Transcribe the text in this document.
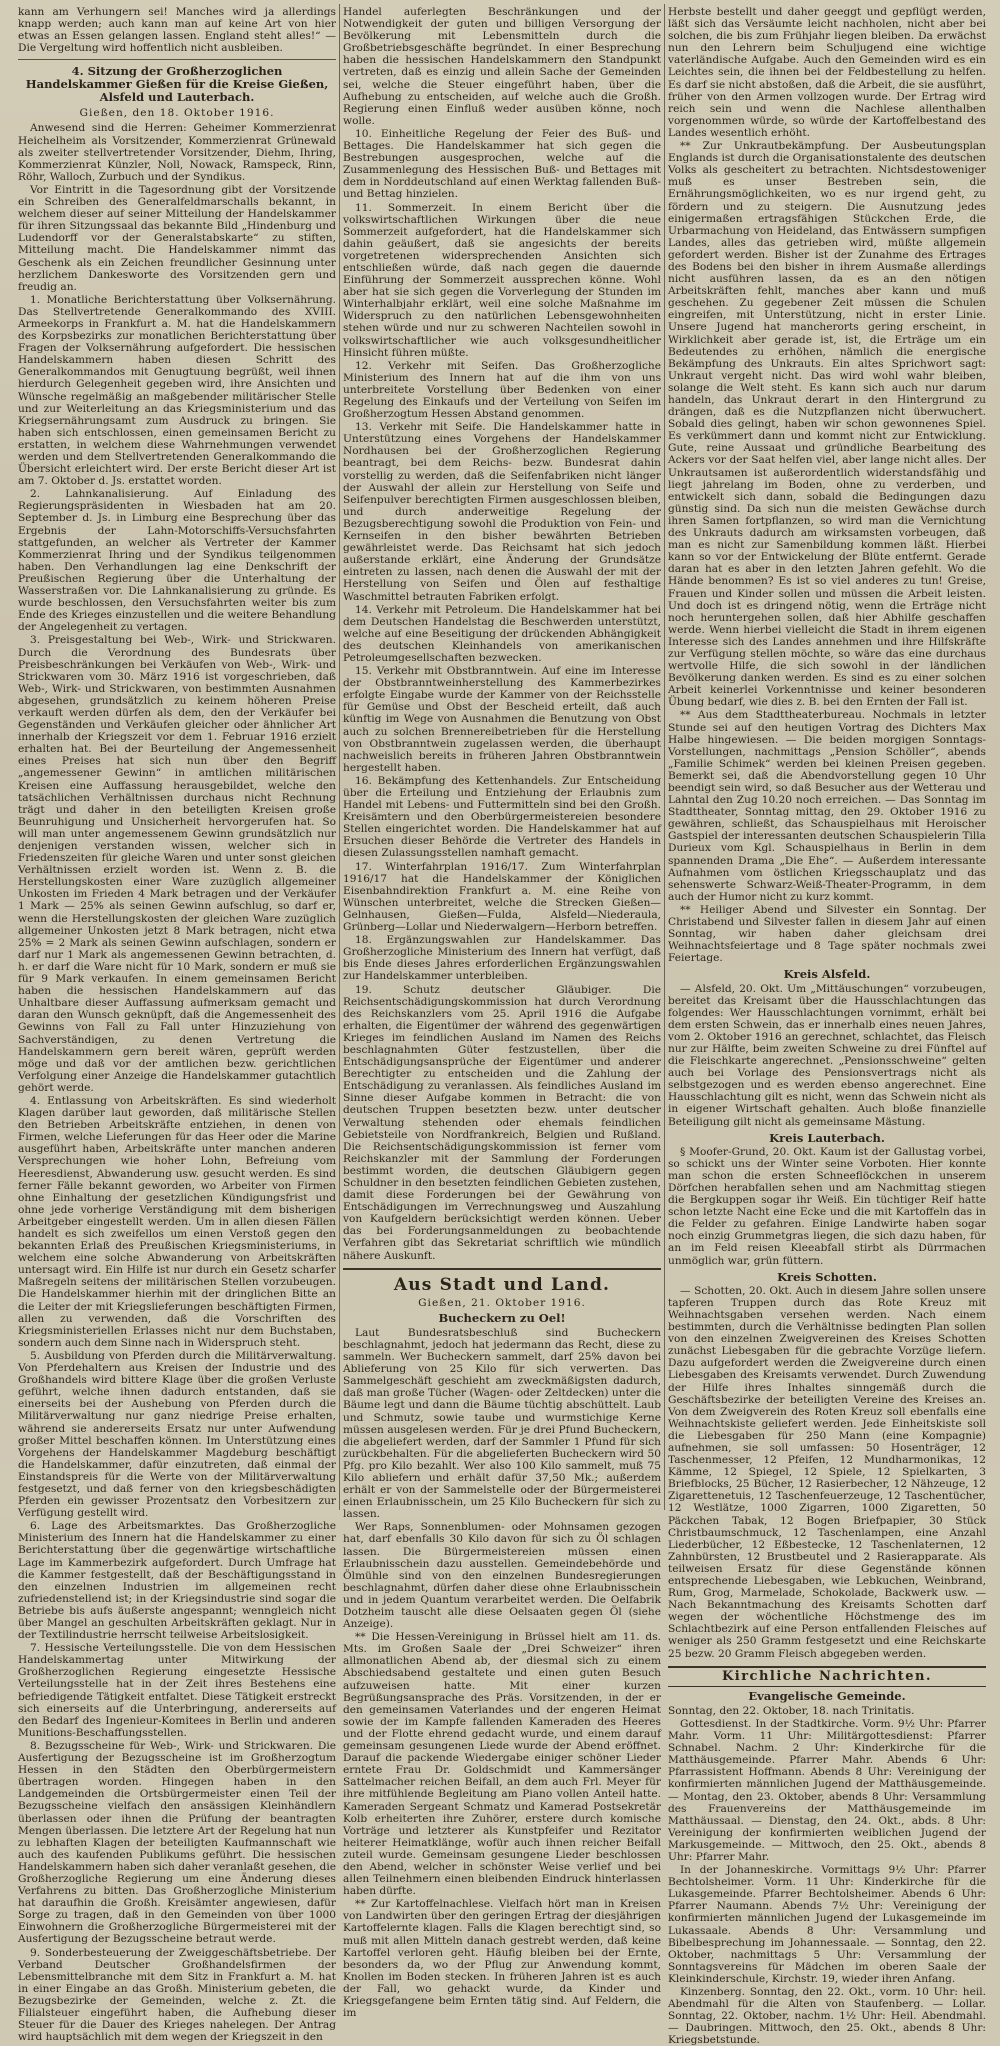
kann am Verhungern sei! Manches wird ja allerdings knapp werden; auch kann man auf keine Art von hier etwas an Essen gelangen lassen. England steht alles!“ — Die Vergeltung wird hoffentlich nicht ausbleiben.

4. Sitzung der Großherzoglichen Handelskammer Gießen für die Kreise Gießen, Alsfeld und Lauterbach.
Gießen, den 18. Oktober 1916.

Anwesend sind die Herren: Geheimer Kommerzienrat Heichelheim als Vorsitzender, Kommerzienrat Grünewald als zweiter stellvertretender Vorsitzender, Diehm, Ihring, Kommerzienrat Künzler, Noll, Nowack, Ramspeck, Rinn, Röhr, Walloch, Zurbuch und der Syndikus.

Vor Eintritt in die Tagesordnung gibt der Vorsitzende ein Schreiben des Generalfeldmarschalls bekannt, in welchem dieser auf seiner Mitteilung der Handelskammer für ihren Sitzungssaal das bekannte Bild „Hindenburg und Ludendorff vor der Generalstabskarte“ zu stiften, Mitteilung macht. Die Handelskammer nimmt das Geschenk als ein Zeichen freundlicher Gesinnung unter herzlichem Dankesworte des Vorsitzenden gern und freudig an.

1. Monatliche Berichterstattung über Volksernährung. Das Stellvertretende Generalkommando des XVIII. Armeekorps in Frankfurt a. M. hat die Handelskammern des Korpsbezirks zur monatlichen Berichterstattung über Fragen der Volksernährung aufgefordert. Die hessischen Handelskammern haben diesen Schritt des Generalkommandos mit Genugtuung begrüßt, weil ihnen hierdurch Gelegenheit gegeben wird, ihre Ansichten und Wünsche regelmäßig an maßgebender militärischer Stelle und zur Weiterleitung an das Kriegsministerium und das Kriegsernährungsamt zum Ausdruck zu bringen. Sie haben sich entschlossen, einen gemeinsamen Bericht zu erstatten, in welchem diese Wahrnehmungen verwendet werden und dem Stellvertretenden Generalkommando die Übersicht erleichtert wird. Der erste Bericht dieser Art ist am 7. Oktober d. Js. erstattet worden.

2. Lahnkanalisierung. Auf Einladung des Regierungspräsidenten in Wiesbaden hat am 20. September d. Js. in Limburg eine Besprechung über das Ergebnis der Lahn-Motorschiffs-Versuchsfahrten stattgefunden, an welcher als Vertreter der Kammer Kommerzienrat Ihring und der Syndikus teilgenommen haben. Den Verhandlungen lag eine Denkschrift der Preußischen Regierung über die Unterhaltung der Wasserstraßen vor. Die Lahnkanalisierung zu gründe. Es wurde beschlossen, den Versuchsfahrten weiter bis zum Ende des Krieges einzustellen und die weitere Behandlung der Angelegenheit zu vertagen.

3. Preisgestaltung bei Web-, Wirk- und Strickwaren. Durch die Verordnung des Bundesrats über Preisbeschränkungen bei Verkäufen von Web-, Wirk- und Strickwaren vom 30. März 1916 ist vorgeschrieben, daß Web-, Wirk- und Strickwaren, von bestimmten Ausnahmen abgesehen, grundsätzlich zu keinem höheren Preise verkauft werden dürfen als dem, den der Verkäufer bei Gegenständen und Verkäufen gleicher oder ähnlicher Art innerhalb der Kriegszeit vor dem 1. Februar 1916 erzielt erhalten hat. Bei der Beurteilung der Angemessenheit eines Preises hat sich nun über den Begriff „angemessener Gewinn“ in amtlichen militärischen Kreisen eine Auffassung herausgebildet, welche den tatsächlichen Verhältnissen durchaus nicht Rechnung trägt und daher in den beteiligten Kreisen große Beunruhigung und Unsicherheit hervorgerufen hat. So will man unter angemessenem Gewinn grundsätzlich nur denjenigen verstanden wissen, welcher sich in Friedenszeiten für gleiche Waren und unter sonst gleichen Verhältnissen erzielt worden ist. Wenn z. B. die Herstellungskosten einer Ware zuzüglich allgemeiner Unkosten im Frieden 4 Mark betragen und der Verkäufer 1 Mark — 25% als seinen Gewinn aufschlug, so darf er, wenn die Herstellungskosten der gleichen Ware zuzüglich allgemeiner Unkosten jetzt 8 Mark betragen, nicht etwa 25% = 2 Mark als seinen Gewinn aufschlagen, sondern er darf nur 1 Mark als angemessenen Gewinn betrachten, d. h. er darf die Ware nicht für 10 Mark, sondern er muß sie für 9 Mark verkaufen. In einem gemeinsamen Bericht haben die hessischen Handelskammern auf das Unhaltbare dieser Auffassung aufmerksam gemacht und daran den Wunsch geknüpft, daß die Angemessenheit des Gewinns von Fall zu Fall unter Hinzuziehung von Sachverständigen, zu denen Vertretung die Handelskammern gern bereit wären, geprüft werden möge und daß vor der amtlichen bezw. gerichtlichen Verfolgung einer Anzeige die Handelskammer gutachtlich gehört werde.

4. Entlassung von Arbeitskräften. Es sind wiederholt Klagen darüber laut geworden, daß militärische Stellen den Betrieben Arbeitskräfte entziehen, in denen von Firmen, welche Lieferungen für das Heer oder die Marine ausgeführt haben, Arbeitskräfte unter manchen anderen Versprechungen wie hoher Lohn, Befreiung vom Heeresdienst, Abwanderung usw. gesucht werden. Es sind ferner Fälle bekannt geworden, wo Arbeiter von Firmen ohne Einhaltung der gesetzlichen Kündigungsfrist und ohne jede vorherige Verständigung mit dem bisherigen Arbeitgeber eingestellt werden. Um in allen diesen Fällen handelt es sich zweifellos um einen Verstoß gegen den bekannten Erlaß des Preußischen Kriegsministeriums, in welchem eine solche Abwanderung von Arbeitskräften untersagt wird. Ein Hilfe ist nur durch ein Gesetz scharfer Maßregeln seitens der militärischen Stellen vorzubeugen. Die Handelskammer hierhin mit der dringlichen Bitte an die Leiter der mit Kriegslieferungen beschäftigten Firmen, allen zu verwenden, daß die Vorschriften des Kriegsministeriellen Erlasses nicht nur dem Buchstaben, sondern auch dem Sinne nach in Widerspruch steht.

5. Ausbildung von Pferden durch die Militärverwaltung. Von Pferdehaltern aus Kreisen der Industrie und des Großhandels wird bittere Klage über die großen Verluste geführt, welche ihnen dadurch entstanden, daß sie einerseits bei der Aushebung von Pferden durch die Militärverwaltung nur ganz niedrige Preise erhalten, während sie andererseits Ersatz nur unter Aufwendung großer Mittel beschaffen können. Im Unterstützung eines Vorgehens der Handelskammer Magdeburg beschäftigt die Handelskammer, dafür einzutreten, daß einmal der Einstandspreis für die Werte von der Militärverwaltung festgesetzt, und daß ferner von den kriegsbeschädigten Pferden ein gewisser Prozentsatz den Vorbesitzern zur Verfügung gestellt wird.

6. Lage des Arbeitsmarktes. Das Großherzogliche Ministerium des Innern hat die Handelskammer zu einer Berichterstattung über die gegenwärtige wirtschaftliche Lage im Kammerbezirk aufgefordert. Durch Umfrage hat die Kammer festgestellt, daß der Beschäftigungsstand in den einzelnen Industrien im allgemeinen recht zufriedenstellend ist; in der Kriegsindustrie sind sogar die Betriebe bis aufs äußerste angespannt; wenngleich nicht über Mangel an geschulten Arbeitskräften geklagt. Nur in der Textilindustrie herrscht teilweise Arbeitslosigkeit.

7. Hessische Verteilungsstelle. Die von dem Hessischen Handelskammertag unter Mitwirkung der Großherzoglichen Regierung eingesetzte Hessische Verteilungsstelle hat in der Zeit ihres Bestehens eine befriedigende Tätigkeit entfaltet. Diese Tätigkeit erstreckt sich einerseits auf die Unterbringung, andererseits auf den Bedarf des Ingenieur-Komitees in Berlin und anderen Munitions-Beschaffungsstellen.

8. Bezugsscheine für Web-, Wirk- und Strickwaren. Die Ausfertigung der Bezugsscheine ist im Großherzogtum Hessen in den Städten den Oberbürgermeistern übertragen worden. Hingegen haben in den Landgemeinden die Ortsbürgermeister einen Teil der Bezugsscheine vielfach den ansässigen Kleinhändlern überlassen oder ihnen die Prüfung der beantragten Mengen überlassen. Die letztere Art der Regelung hat nun zu lebhaften Klagen der beteiligten Kaufmannschaft wie auch des kaufenden Publikums geführt. Die hessischen Handelskammern haben sich daher veranlaßt gesehen, die Großherzogliche Regierung um eine Änderung dieses Verfahrens zu bitten. Das Großherzogliche Ministerium hat daraufhin die Großh. Kreisämter angewiesen, dafür Sorge zu tragen, daß in den Gemeinden von über 1000 Einwohnern die Großherzogliche Bürgermeisterei mit der Ausfertigung der Bezugsscheine betraut werde.

9. Sonderbesteuerung der Zweiggeschäftsbetriebe. Der Verband Deutscher Großhandelsfirmen der Lebensmittelbranche mit dem Sitz in Frankfurt a. M. hat in einer Eingabe an das Großh. Ministerium gebeten, die Bezugsbezirke der Gemeinden, welche z. Zt. die Filialsteuer eingeführt haben, die Aufhebung dieser Steuer für die Dauer des Krieges nahelegen. Der Antrag wird hauptsächlich mit dem wegen der Kriegszeit in den

Handel auferlegten Beschränkungen und der Notwendigkeit der guten und billigen Versorgung der Bevölkerung mit Lebensmitteln durch die Großbetriebsgeschäfte begründet. In einer Besprechung haben die hessischen Handelskammern den Standpunkt vertreten, daß es einzig und allein Sache der Gemeinden sei, welche die Steuer eingeführt haben, über die Aufhebung zu entscheiden, auf welche auch die Großh. Regierung einen Einfluß weder ausüben könne, noch wolle.

10. Einheitliche Regelung der Feier des Buß- und Bettages. Die Handelskammer hat sich gegen die Bestrebungen ausgesprochen, welche auf die Zusammenlegung des Hessischen Buß- und Bettages mit dem in Norddeutschland auf einen Werktag fallenden Buß- und Bettag hinzielen.

11. Sommerzeit. In einem Bericht über die volkswirtschaftlichen Wirkungen über die neue Sommerzeit aufgefordert, hat die Handelskammer sich dahin geäußert, daß sie angesichts der bereits vorgetretenen widersprechenden Ansichten sich entschließen würde, daß nach gegen die dauernde Einführung der Sommerzeit aussprechen könne. Wohl aber hat sie sich gegen die Vorverlegung der Stunden im Winterhalbjahr erklärt, weil eine solche Maßnahme im Widerspruch zu den natürlichen Lebensgewohnheiten stehen würde und nur zu schweren Nachteilen sowohl in volkswirtschaftlicher wie auch volksgesundheitlicher Hinsicht führen müßte.

12. Verkehr mit Seifen. Das Großherzogliche Ministerium des Innern hat auf die ihm von uns unterbreitete Vorstellung über Bedenken von einer Regelung des Einkaufs und der Verteilung von Seifen im Großherzogtum Hessen Abstand genommen.

13. Verkehr mit Seife. Die Handelskammer hatte in Unterstützung eines Vorgehens der Handelskammer Nordhausen bei der Großherzoglichen Regierung beantragt, bei dem Reichs- bezw. Bundesrat dahin vorstellig zu werden, daß die Seifenfabriken nicht länger der Auswahl der allein zur Herstellung von Seife und Seifenpulver berechtigten Firmen ausgeschlossen bleiben, und durch anderweitige Regelung der Bezugsberechtigung sowohl die Produktion von Fein- und Kernseifen in den bisher bewährten Betrieben gewährleistet werde. Das Reichsamt hat sich jedoch außerstande erklärt, eine Änderung der Grundsätze eintreten zu lassen, nach denen die Auswahl der mit der Herstellung von Seifen und Ölen auf festhaltige Waschmittel betrauten Fabriken erfolgt.

14. Verkehr mit Petroleum. Die Handelskammer hat bei dem Deutschen Handelstag die Beschwerden unterstützt, welche auf eine Beseitigung der drückenden Abhängigkeit des deutschen Kleinhandels von amerikanischen Petroleumgesellschaften bezwecken.

15. Verkehr mit Obstbranntwein. Auf eine im Interesse der Obstbranntweinherstellung des Kammerbezirkes erfolgte Eingabe wurde der Kammer von der Reichsstelle für Gemüse und Obst der Bescheid erteilt, daß auch künftig im Wege von Ausnahmen die Benutzung von Obst auch zu solchen Brennereibetrieben für die Herstellung von Obstbranntwein zugelassen werden, die überhaupt nachweislich bereits in früheren Jahren Obstbranntwein hergestellt haben.

16. Bekämpfung des Kettenhandels. Zur Entscheidung über die Erteilung und Entziehung der Erlaubnis zum Handel mit Lebens- und Futtermitteln sind bei den Großh. Kreisämtern und den Oberbürgermeistereien besondere Stellen eingerichtet worden. Die Handelskammer hat auf Ersuchen dieser Behörde die Vertreter des Handels in diesen Zulassungsstellen namhaft gemacht.

17. Winterfahrplan 1916/17. Zum Winterfahrplan 1916/17 hat die Handelskammer der Königlichen Eisenbahndirektion Frankfurt a. M. eine Reihe von Wünschen unterbreitet, welche die Strecken Gießen—Gelnhausen, Gießen—Fulda, Alsfeld—Niederaula, Grünberg—Lollar und Niederwalgern—Herborn betreffen.

18. Ergänzungswahlen zur Handelskammer. Das Großherzogliche Ministerium des Innern hat verfügt, daß bis Ende dieses Jahres erforderlichen Ergänzungswahlen zur Handelskammer unterbleiben.

19. Schutz deutscher Gläubiger. Die Reichsentschädigungskommission hat durch Verordnung des Reichskanzlers vom 25. April 1916 die Aufgabe erhalten, die Eigentümer der während des gegenwärtigen Krieges im feindlichen Ausland im Namen des Reichs beschlagnahmten Güter festzustellen, über die Entschädigungsansprüche der Eigentümer und anderer Berechtigter zu entscheiden und die Zahlung der Entschädigung zu veranlassen. Als feindliches Ausland im Sinne dieser Aufgabe kommen in Betracht: die von deutschen Truppen besetzten bezw. unter deutscher Verwaltung stehenden oder ehemals feindlichen Gebietsteile von Nordfrankreich, Belgien und Rußland. Die Reichsentschädigungskommission ist ferner vom Reichskanzler mit der Sammlung der Forderungen bestimmt worden, die deutschen Gläubigern gegen Schuldner in den besetzten feindlichen Gebieten zustehen, damit diese Forderungen bei der Gewährung von Entschädigungen im Verrechnungsweg und Auszahlung von Kaufgeldern berücksichtigt werden können. Ueber das bei Forderungsanmeldungen zu beobachtende Verfahren gibt das Sekretariat schriftlich wie mündlich nähere Auskunft.

Aus Stadt und Land.
Gießen, 21. Oktober 1916.
Bucheckern zu Oel!

Laut Bundesratsbeschluß sind Bucheckern beschlagnahmt, jedoch hat jedermann das Recht, diese zu sammeln. Wer Bucheckern sammelt, darf 25% davon bei Ablieferung von 25 Kilo für sich verwerten. Das Sammelgeschäft geschieht am zweckmäßigsten dadurch, daß man große Tücher (Wagen- oder Zeltdecken) unter die Bäume legt und dann die Bäume tüchtig abschüttelt. Laub und Schmutz, sowie taube und wurmstichige Kerne müssen ausgelesen werden. Für je drei Pfund Bucheckern, die abgeliefert werden, darf der Sammler 1 Pfund für sich zurückbehalten. Für die abgelieferten Bucheckern wird 50 Pfg. pro Kilo bezahlt. Wer also 100 Kilo sammelt, muß 75 Kilo abliefern und erhält dafür 37,50 Mk.; außerdem erhält er von der Sammelstelle oder der Bürgermeisterei einen Erlaubnisschein, um 25 Kilo Bucheckern für sich zu lassen.

Wer Raps, Sonnenblumen- oder Mohnsamen gezogen hat, darf ebenfalls 30 Kilo davon für sich zu Öl schlagen lassen. Die Bürgermeistereien müssen einen Erlaubnisschein dazu ausstellen. Gemeindebehörde und Ölmühle sind von den einzelnen Bundesregierungen beschlagnahmt, dürfen daher diese ohne Erlaubnisschein und in jedem Quantum verarbeitet werden. Die Oelfabrik Dotzheim tauscht alle diese Oelsaaten gegen Öl (siehe Anzeige).

** Die Hessen-Vereinigung in Brüssel hielt am 11. ds. Mts. im Großen Saale der „Drei Schweizer“ ihren allmonatlichen Abend ab, der diesmal sich zu einem Abschiedsabend gestaltete und einen guten Besuch aufzuweisen hatte. Mit einer kurzen Begrüßungsansprache des Präs. Vorsitzenden, in der er den gemeinsamen Vaterlandes und der engeren Heimat sowie der im Kampfe fallenden Kameraden des Heeres und der Flotte ehrend gedacht wurde, und einem darauf gemeinsam gesungenen Liede wurde der Abend eröffnet. Darauf die packende Wiedergabe einiger schöner Lieder erntete Frau Dr. Goldschmidt und Kammersänger Sattelmacher reichen Beifall, an dem auch Frl. Meyer für ihre mitfühlende Begleitung am Piano vollen Anteil hatte. Kameraden Sergeant Schmatz und Kamerad Postsekretär Kolb erheiterten ihre Zuhörer, erstere durch komische Vorträge und letzterer als Kunstpfeifer und Rezitator heiterer Heimatklänge, wofür auch ihnen reicher Beifall zuteil wurde. Gemeinsam gesungene Lieder beschlossen den Abend, welcher in schönster Weise verlief und bei allen Teilnehmern einen bleibenden Eindruck hinterlassen haben dürfte.

** Zur Kartoffelnachlese. Vielfach hört man in Kreisen von Landwirten über den geringen Ertrag der diesjährigen Kartoffelernte klagen. Falls die Klagen berechtigt sind, so muß mit allen Mitteln danach gestrebt werden, daß keine Kartoffel verloren geht. Häufig bleiben bei der Ernte, besonders da, wo der Pflug zur Anwendung kommt, Knollen im Boden stecken. In früheren Jahren ist es auch der Fall, wo gehackt wurde, da Kinder und Kriegsgefangene beim Ernten tätig sind. Auf Feldern, die im

Herbste bestellt und daher geeggt und gepflügt werden, läßt sich das Versäumte leicht nachholen, nicht aber bei solchen, die bis zum Frühjahr liegen bleiben. Da erwächst nun den Lehrern beim Schuljugend eine wichtige vaterländische Aufgabe. Auch den Gemeinden wird es ein Leichtes sein, die ihnen bei der Feldbestellung zu helfen. Es darf sie nicht abstoßen, daß die Arbeit, die sie ausführt, früher von den Armen vollzogen wurde. Der Ertrag wird reich sein und wenn die Nachlese allenthalben vorgenommen würde, so würde der Kartoffelbestand des Landes wesentlich erhöht.

** Zur Unkrautbekämpfung. Der Ausbeutungsplan Englands ist durch die Organisationstalente des deutschen Volks als gescheitert zu betrachten. Nichtsdestoweniger muß es unser Bestreben sein, die Ernährungsmöglichkeiten, wo es nur irgend geht, zu fördern und zu steigern. Die Ausnutzung jedes einigermaßen ertragsfähigen Stückchen Erde, die Urbarmachung von Heideland, das Entwässern sumpfigen Landes, alles das getrieben wird, müßte allgemein gefordert werden. Bisher ist der Zunahme des Ertrages des Bodens bei den bisher in ihrem Ausmaße allerdings nicht ausführen lassen, da es an den nötigen Arbeitskräften fehlt, manches aber kann und muß geschehen. Zu gegebener Zeit müssen die Schulen eingreifen, mit Unterstützung, nicht in erster Linie. Unsere Jugend hat mancherorts gering erscheint, in Wirklichkeit aber gerade ist, ist, die Erträge um ein Bedeutendes zu erhöhen, nämlich die energische Bekämpfung des Unkrauts. Ein altes Sprichwort sagt: Unkraut vergeht nicht. Das wird wohl wahr bleiben, solange die Welt steht. Es kann sich auch nur darum handeln, das Unkraut derart in den Hintergrund zu drängen, daß es die Nutzpflanzen nicht überwuchert. Sobald dies gelingt, haben wir schon gewonnenes Spiel. Es verkümmert dann und kommt nicht zur Entwicklung. Gute, reine Aussaat und gründliche Bearbeitung des Ackers vor der Saat helfen viel, aber lange nicht alles. Der Unkrautsamen ist außerordentlich widerstandsfähig und liegt jahrelang im Boden, ohne zu verderben, und entwickelt sich dann, sobald die Bedingungen dazu günstig sind. Da sich nun die meisten Gewächse durch ihren Samen fortpflanzen, so wird man die Vernichtung des Unkrauts dadurch am wirksamsten vorbeugen, daß man es nicht zur Samenbildung kommen läßt. Hierbei kann so vor der Entwickelung der Blüte entfernt. Gerade daran hat es aber in den letzten Jahren gefehlt. Wo die Hände benommen? Es ist so viel anderes zu tun! Greise, Frauen und Kinder sollen und müssen die Arbeit leisten. Und doch ist es dringend nötig, wenn die Erträge nicht noch heruntergehen sollen, daß hier Abhilfe geschaffen werde. Wenn hierbei vielleicht die Stadt in ihrem eigenen Interesse sich des Landes annehmen und ihre Hilfskräfte zur Verfügung stellen möchte, so wäre das eine durchaus wertvolle Hilfe, die sich sowohl in der ländlichen Bevölkerung danken werden. Es sind es zu einer solchen Arbeit keinerlei Vorkenntnisse und keiner besonderen Übung bedarf, wie dies z. B. bei den Ernten der Fall ist.

** Aus dem Stadttheaterbureau. Nochmals in letzter Stunde sei auf den heutigen Vortrag des Dichters Max Halbe hingewiesen. — Die beiden morgigen Sonntags-Vorstellungen, nachmittags „Pension Schöller“, abends „Familie Schimek“ werden bei kleinen Preisen gegeben. Bemerkt sei, daß die Abendvorstellung gegen 10 Uhr beendigt sein wird, so daß Besucher aus der Wetterau und Lahntal den Zug 10.20 noch erreichen. — Das Sonntag im Stadttheater, Sonntag mittag, den 29. Oktober 1916 zu gewähren, schließt, das Schauspielhaus mit Heroischer Gastspiel der interessanten deutschen Schauspielerin Tilla Durieux vom Kgl. Schauspielhaus in Berlin in dem spannenden Drama „Die Ehe“. — Außerdem interessante Aufnahmen vom östlichen Kriegsschauplatz und das sehenswerte Schwarz-Weiß-Theater-Programm, in dem auch der Humor nicht zu kurz kommt.

** Heiliger Abend und Silvester ein Sonntag. Der Christabend und Silvester fallen in diesem Jahr auf einen Sonntag, wir haben daher gleichsam drei Weihnachtsfeiertage und 8 Tage später nochmals zwei Feiertage.

Kreis Alsfeld.

— Alsfeld, 20. Okt. Um „Mittäuschungen“ vorzubeugen, bereitet das Kreisamt über die Hausschlachtungen das folgendes: Wer Hausschlachtungen vornimmt, erhält bei dem ersten Schwein, das er innerhalb eines neuen Jahres, vom 2. Oktober 1916 an gerechnet, schlachtet, das Fleisch nur zur Hälfte, beim zweiten Schweine zu drei Fünftel auf die Fleischkarte angerechnet. „Pensionsschweine“ gelten auch bei Vorlage des Pensionsvertrags nicht als selbstgezogen und es werden ebenso angerechnet. Eine Hausschlachtung gilt es nicht, wenn das Schwein nicht als in eigener Wirtschaft gehalten. Auch bloße finanzielle Beteiligung gilt nicht als gemeinsame Mästung.

Kreis Lauterbach.

§ Moofer-Grund, 20. Okt. Kaum ist der Gallustag vorbei, so schickt uns der Winter seine Vorboten. Hier konnte man schon die ersten Schneeflöckchen in unserem Dörfchen herabfallen sehen und am Nachmittag stiegen die Bergkuppen sogar ihr Weiß. Ein tüchtiger Reif hatte schon letzte Nacht eine Ecke und die mit Kartoffeln das in die Felder zu gefahren. Einige Landwirte haben sogar noch einzig Grummetgras liegen, die sich dazu haben, für an im Feld reisen Kleeabfall stirbt als Dürrmachen unmöglich war, grün füttern.

Kreis Schotten.

— Schotten, 20. Okt. Auch in diesem Jahre sollen unsere tapferen Truppen durch das Rote Kreuz mit Weihnachtsgaben versehen werden. Nach einem bestimmten, durch die Verhältnisse bedingten Plan sollen von den einzelnen Zweigvereinen des Kreises Schotten zunächst Liebesgaben für die gebrachte Vorzüge liefern. Dazu aufgefordert werden die Zweigvereine durch einen Liebesgaben des Kreisamts verwendet. Durch Zuwendung der Hilfe ihres Inhaltes sinngemäß durch die Geschäftsbezirke der beteiligten Vereine des Kreises an. Von dem Zweigverein des Roten Kreuz soll ebenfalls eine Weihnachtskiste geliefert werden. Jede Einheitskiste soll die Liebesgaben für 250 Mann (eine Kompagnie) aufnehmen, sie soll umfassen: 50 Hosenträger, 12 Taschenmesser, 12 Pfeifen, 12 Mundharmonikas, 12 Kämme, 12 Spiegel, 12 Spiele, 12 Spielkarten, 3 Briefblocks, 25 Bücher, 12 Rasierbecher, 12 Nähzeuge, 12 Zigarettenetuis, 12 Taschenfeuerzeuge, 12 Taschentücher, 12 Westlätze, 1000 Zigarren, 1000 Zigaretten, 50 Päckchen Tabak, 12 Bogen Briefpapier, 30 Stück Christbaumschmuck, 12 Taschenlampen, eine Anzahl Liederbücher, 12 Eßbestecke, 12 Taschenlaternen, 12 Zahnbürsten, 12 Brustbeutel und 2 Rasierapparate. Als teilweisen Ersatz für diese Gegenstände können entsprechende Liebesgaben, wie Lebkuchen, Weinbrand, Rum, Grog, Marmelade, Schokolade, Backwerk usw. — Nach Bekanntmachung des Kreisamts Schotten darf wegen der wöchentliche Höchstmenge des im Schlachtbezirk auf eine Person entfallenden Fleisches auf weniger als 250 Gramm festgesetzt und eine Reichskarte 25 bezw. 20 Gramm Fleisch abgegeben werden.

Kirchliche Nachrichten.
Evangelische Gemeinde.

Sonntag, den 22. Oktober, 18. nach Trinitatis.

Gottesdienst. In der Stadtkirche. Vorm. 9½ Uhr: Pfarrer Mahr. Vorm. 11 Uhr: Militärgottesdienst: Pfarrer Schnabel. Nachm. 2 Uhr: Kinderkirche für die Matthäusgemeinde. Pfarrer Mahr. Abends 6 Uhr: Pfarrassistent Hoffmann. Abends 8 Uhr: Vereinigung der konfirmierten männlichen Jugend der Matthäusgemeinde. — Montag, den 23. Oktober, abends 8 Uhr: Versammlung des Frauenvereins der Matthäusgemeinde im Matthäussaal. — Dienstag, den 24. Okt., abds. 8 Uhr: Vereinigung der konfirmierten weiblichen Jugend der Markusgemeinde. — Mittwoch, den 25. Okt., abends 8 Uhr: Pfarrer Mahr.

In der Johanneskirche. Vormittags 9½ Uhr: Pfarrer Bechtolsheimer. Vorm. 11 Uhr: Kinderkirche für die Lukasgemeinde. Pfarrer Bechtolsheimer. Abends 6 Uhr: Pfarrer Naumann. Abends 7½ Uhr: Vereinigung der konfirmierten männlichen Jugend der Lukasgemeinde im Lukassaale. Abends 8 Uhr: Versammlung und Bibelbesprechung im Johannessaale. — Sonntag, den 22. Oktober, nachmittags 5 Uhr: Versammlung der Sonntagsvereins für Mädchen im oberen Saale der Kleinkinderschule, Kirchstr. 19, wieder ihren Anfang.

Kinzenberg. Sonntag, den 22. Okt., vorm. 10 Uhr: heil. Abendmahl für die Alten von Staufenberg. — Lollar. Sonntag, 22. Oktober, nachm. 1½ Uhr: Heil. Abendmahl. — Daubringen. Mittwoch, den 25. Okt., abends 8 Uhr: Kriegsbetstunde.
